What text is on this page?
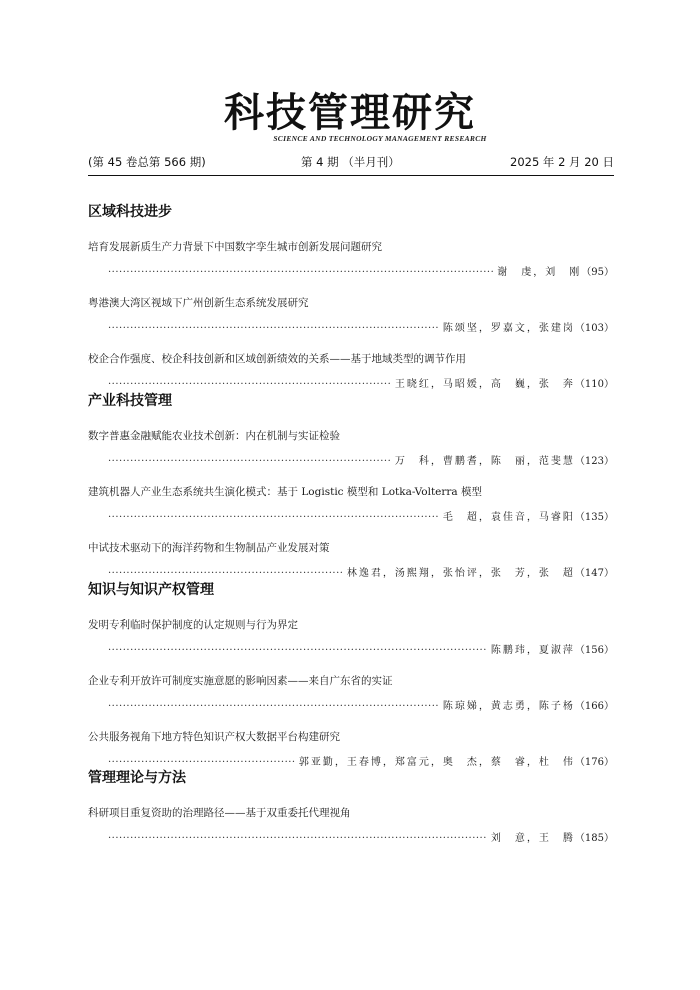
科技管理研究
SCIENCE AND TECHNOLOGY MANAGEMENT RESEARCH
(第 45 卷总第 566 期)	第 4 期 （半月刊）	2025 年 2 月 20 日
区域科技进步
培育发展新质生产力背景下中国数字孪生城市创新发展问题研究
·····
谢　虔，刘　刚 （95）
粤港澳大湾区视域下广州创新生态系统发展研究
·····
陈颂坚，罗嘉文，张建岗 （103）
校企合作强度、校企科技创新和区域创新绩效的关系——基于地域类型的调节作用
·····
王晓红，马昭媛，高　巍，张　奔 （110）
产业科技管理
数字普惠金融赋能农业技术创新：内在机制与实证检验
·····
万　科，曹鹏耆，陈　丽，范斐慧 （123）
建筑机器人产业生态系统共生演化模式：基于 Logistic 模型和 Lotka-Volterra 模型
·····
毛　超，袁佳音，马睿阳 （135）
中试技术驱动下的海洋药物和生物制品产业发展对策
·····
林逸君，汤熙翔，张怡评，张　芳，张　超 （147）
知识与知识产权管理
发明专利临时保护制度的认定规则与行为界定
·····
陈鹏玮，夏淑萍 （156）
企业专利开放许可制度实施意愿的影响因素——来自广东省的实证
·····
陈琼娣，黄志勇，陈子杨 （166）
公共服务视角下地方特色知识产权大数据平台构建研究
·····
郭亚勤，王春博，郑富元，奥　杰，蔡　睿，杜　伟 （176）
管理理论与方法
科研项目重复资助的治理路径——基于双重委托代理视角
·····
刘　意，王　腾 （185）
